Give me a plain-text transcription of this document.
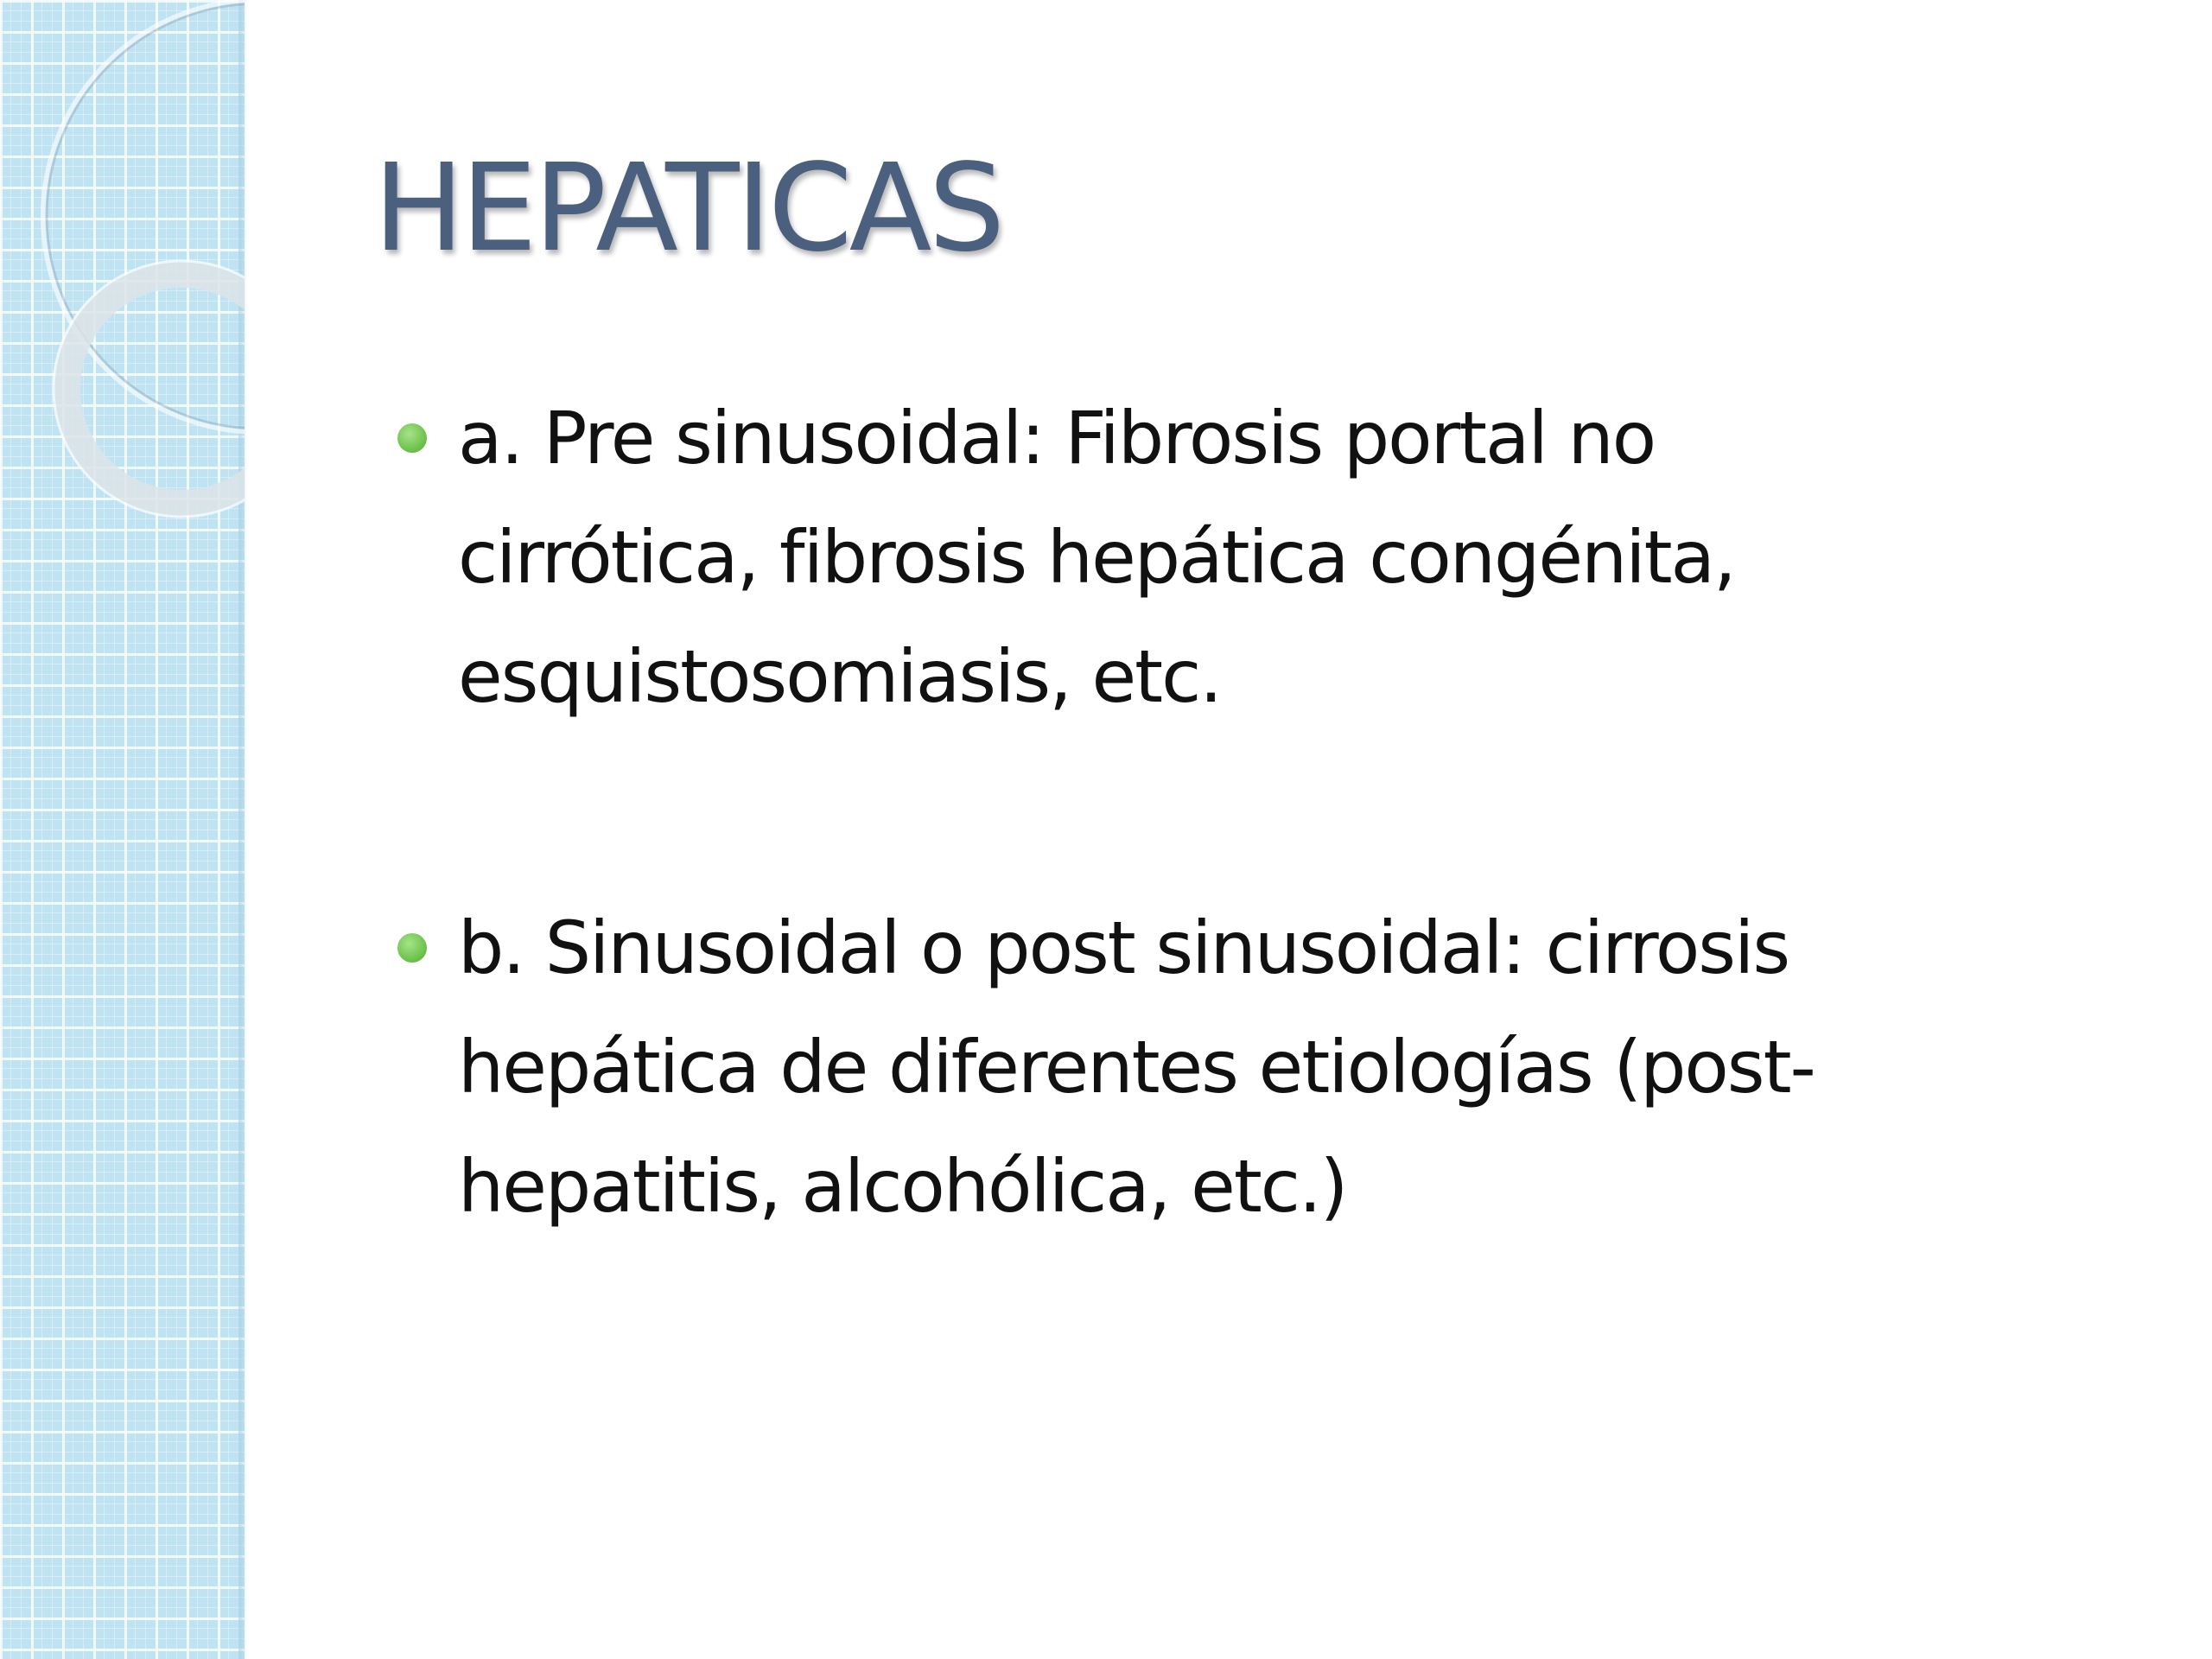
HEPATICAS
a. Pre sinusoidal: Fibrosis portal no
cirrótica, fibrosis hepática congénita,
esquistosomiasis, etc.
b. Sinusoidal o post sinusoidal: cirrosis
hepática de diferentes etiologías (post-
hepatitis, alcohólica, etc.)
